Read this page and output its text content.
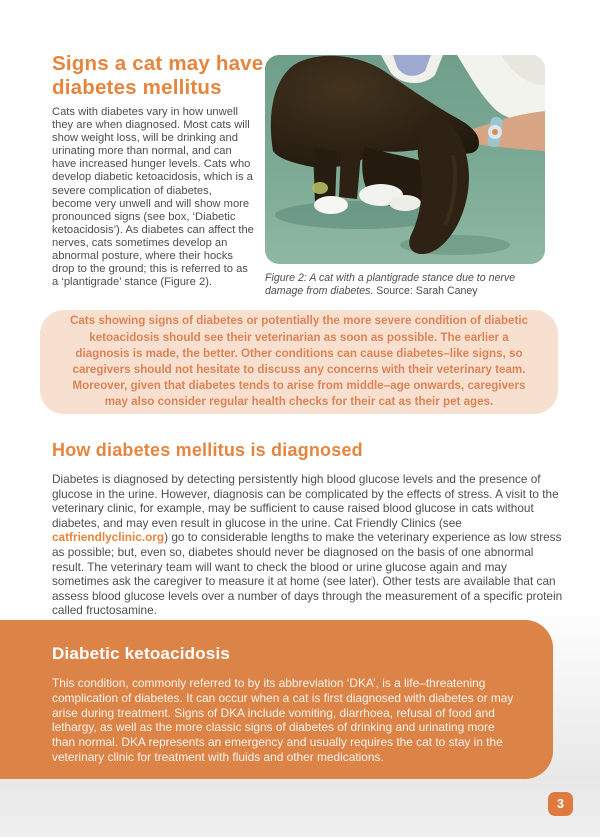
Signs a cat may have diabetes mellitus
Cats with diabetes vary in how unwell they are when diagnosed. Most cats will show weight loss, will be drinking and urinating more than normal, and can have increased hunger levels. Cats who develop diabetic ketoacidosis, which is a severe complication of diabetes, become very unwell and will show more pronounced signs (see box, ‘Diabetic ketoacidosis’). As diabetes can affect the nerves, cats sometimes develop an abnormal posture, where their hocks drop to the ground; this is referred to as a ‘plantigrade’ stance (Figure 2).	Figure 2: A cat with a plantigrade stance due to nerve damage from diabetes. Source: Sarah Caney
Cats showing signs of diabetes or potentially the more severe condition of diabetic ketoacidosis should see their veterinarian as soon as possible. The earlier a diagnosis is made, the better. Other conditions can cause diabetes–like signs, so caregivers should not hesitate to discuss any concerns with their veterinary team. Moreover, given that diabetes tends to arise from middle–age onwards, caregivers may also consider regular health checks for their cat as their pet ages.
How diabetes mellitus is diagnosed
Diabetes is diagnosed by detecting persistently high blood glucose levels and the presence of glucose in the urine. However, diagnosis can be complicated by the effects of stress. A visit to the veterinary clinic, for example, may be sufficient to cause raised blood glucose in cats without diabetes, and may even result in glucose in the urine. Cat Friendly Clinics (see catfriendlyclinic.org) go to considerable lengths to make the veterinary experience as low stress as possible; but, even so, diabetes should never be diagnosed on the basis of one abnormal result. The veterinary team will want to check the blood or urine glucose again and may sometimes ask the caregiver to measure it at home (see later). Other tests are available that can assess blood glucose levels over a number of days through the measurement of a specific protein called fructosamine.
Diabetic ketoacidosis
This condition, commonly referred to by its abbreviation ‘DKA’, is a life–threatening complication of diabetes. It can occur when a cat is first diagnosed with diabetes or may arise during treatment. Signs of DKA include vomiting, diarrhoea, refusal of food and lethargy, as well as the more classic signs of diabetes of drinking and urinating more than normal. DKA represents an emergency and usually requires the cat to stay in the veterinary clinic for treatment with fluids and other medications.
3
